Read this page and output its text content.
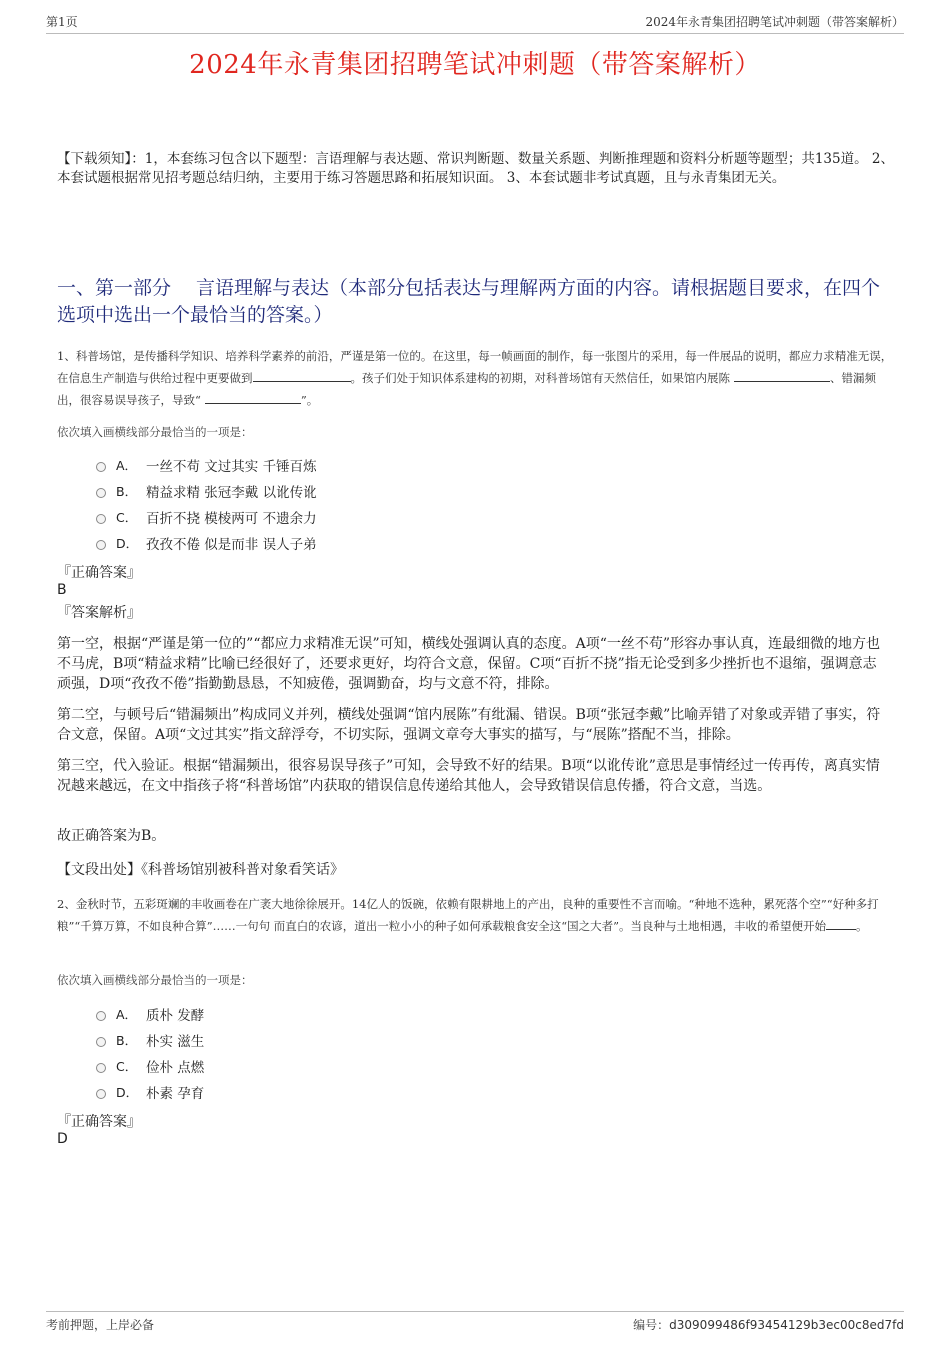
第1页	2024年永青集团招聘笔试冲刺题（带答案解析）
2024年永青集团招聘笔试冲刺题（带答案解析）
【下载须知】：1，本套练习包含以下题型：言语理解与表达题、常识判断题、数量关系题、判断推理题和资料分析题等题型；共135道。 2、本套试题根据常见招考题总结归纳，主要用于练习答题思路和拓展知识面。 3、本套试题非考试真题，且与永青集团无关。
一、第一部分　 言语理解与表达（本部分包括表达与理解两方面的内容。请根据题目要求，在四个选项中选出一个最恰当的答案。）
1、科普场馆，是传播科学知识、培养科学素养的前沿，严谨是第一位的。在这里，每一帧画面的制作，每一张图片的采用，每一件展品的说明，都应力求精准无误，在信息生产制造与供给过程中更要做到	。孩子们处于知识体系建构的初期，对科普场馆有天然信任，如果馆内展陈	、错漏频出，很容易误导孩子，导致“	”。
依次填入画横线部分最恰当的一项是：
A． 一丝不苟 文过其实 千锤百炼
B． 精益求精 张冠李戴 以讹传讹
C． 百折不挠 模棱两可 不遗余力
D． 孜孜不倦 似是而非 误人子弟
『正确答案』
B
『答案解析』
第一空，根据“严谨是第一位的”“都应力求精准无误”可知，横线处强调认真的态度。A项“一丝不苟”形容办事认真，连最细微的地方也不马虎，B项“精益求精”比喻已经很好了，还要求更好，均符合文意，保留。C项“百折不挠”指无论受到多少挫折也不退缩，强调意志顽强，D项“孜孜不倦”指勤勤恳恳，不知疲倦，强调勤奋，均与文意不符，排除。
第二空，与顿号后“错漏频出”构成同义并列，横线处强调“馆内展陈”有纰漏、错误。B项“张冠李戴”比喻弄错了对象或弄错了事实，符合文意，保留。A项“文过其实”指文辞浮夸，不切实际，强调文章夸大事实的描写，与“展陈”搭配不当，排除。
第三空，代入验证。根据“错漏频出，很容易误导孩子”可知，会导致不好的结果。B项“以讹传讹”意思是事情经过一传再传，离真实情况越来越远，在文中指孩子将“科普场馆”内获取的错误信息传递给其他人，会导致错误信息传播，符合文意，当选。
故正确答案为B。
【文段出处】《科普场馆别被科普对象看笑话》
2、金秋时节，五彩斑斓的丰收画卷在广袤大地徐徐展开。14亿人的饭碗，依赖有限耕地上的产出，良种的重要性不言而喻。“种地不选种，累死落个空”“好种多打粮”“千算万算，不如良种合算”……一句句 而直白的农谚，道出一粒小小的种子如何承载粮食安全这“国之大者”。当良种与土地相遇，丰收的希望便开始	。
依次填入画横线部分最恰当的一项是：
A． 质朴 发酵
B． 朴实 滋生
C． 俭朴 点燃
D． 朴素 孕育
『正确答案』
D
考前押题，上岸必备	编号：d309099486f93454129b3ec00c8ed7fd
